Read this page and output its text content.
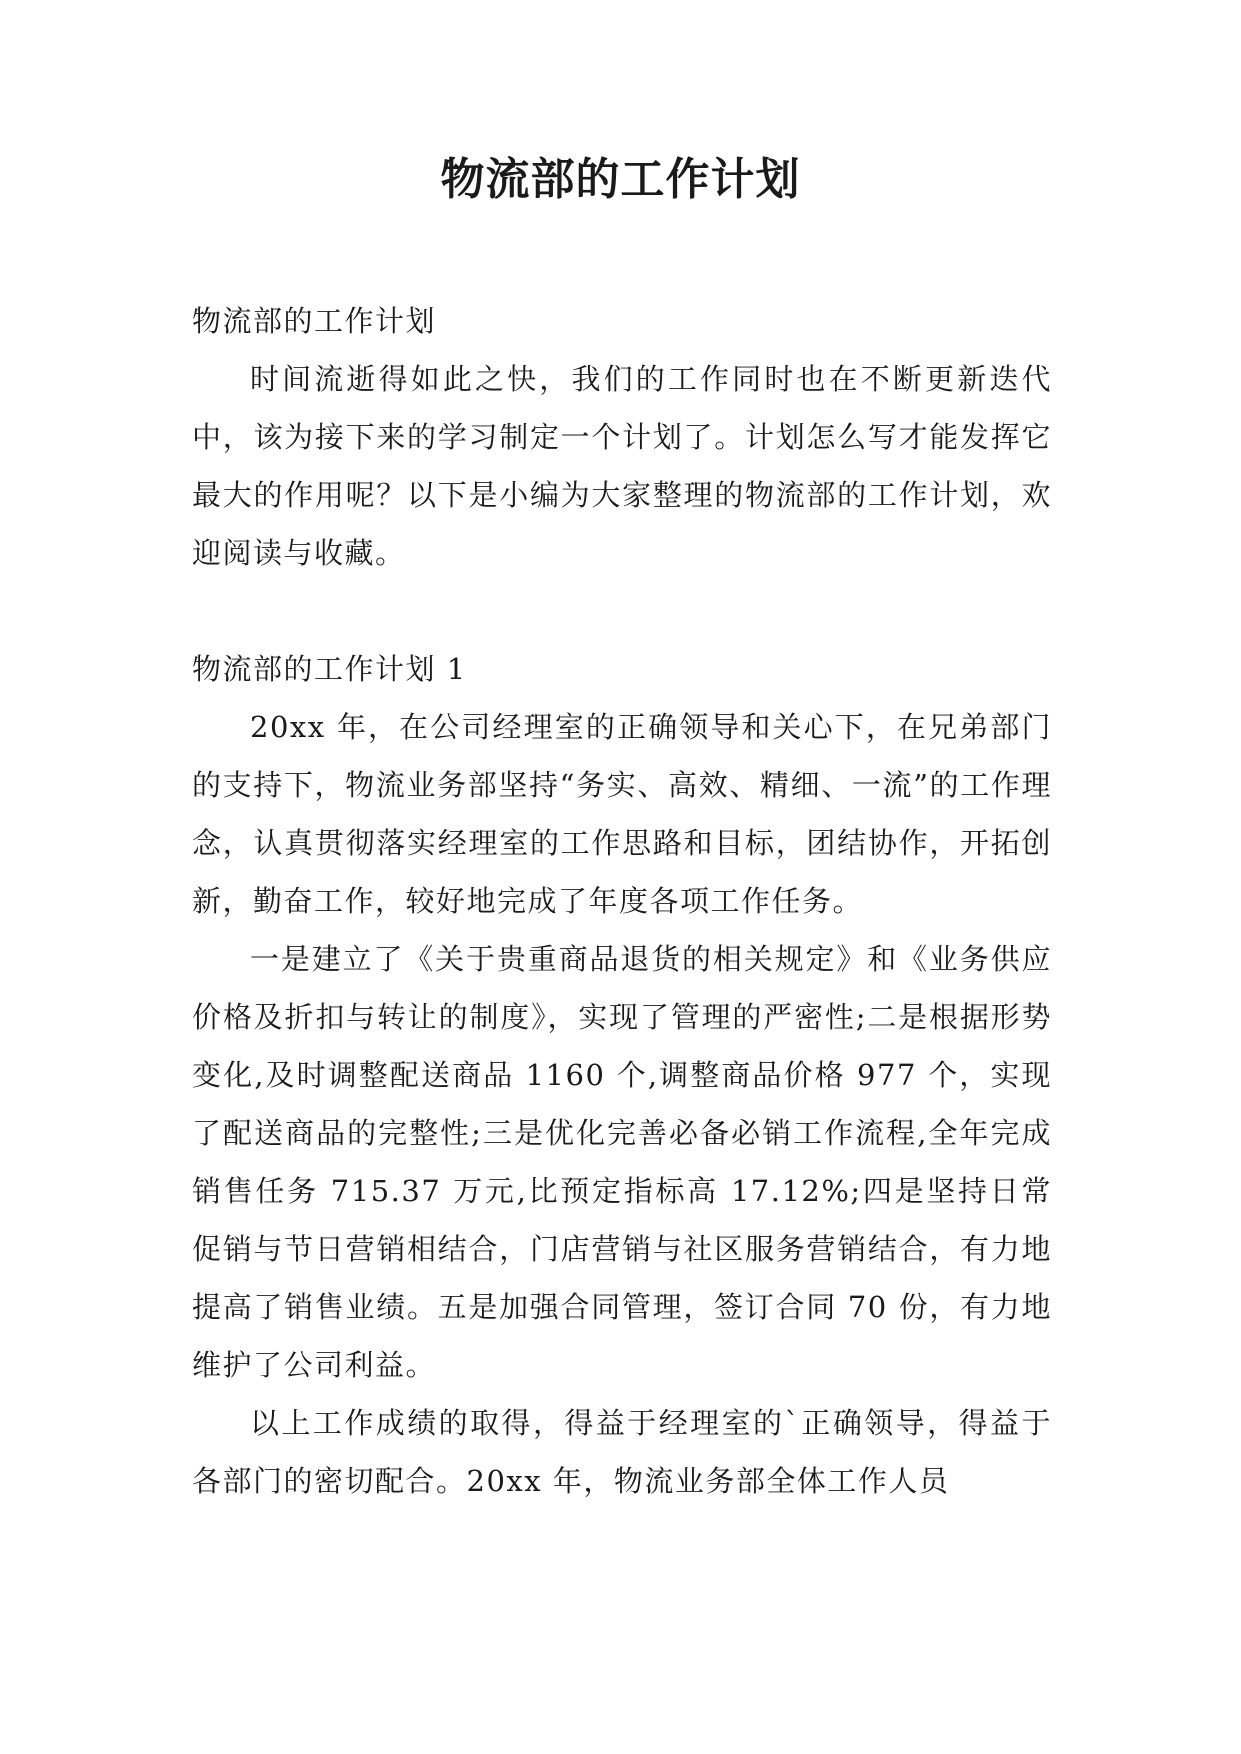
物流部的工作计划
物流部的工作计划

时间流逝得如此之快，我们的工作同时也在不断更新迭代中，该为接下来的学习制定一个计划了。计划怎么写才能发挥它最大的作用呢？以下是小编为大家整理的物流部的工作计划，欢迎阅读与收藏。

物流部的工作计划 1

20xx 年，在公司经理室的正确领导和关心下，在兄弟部门的支持下，物流业务部坚持“务实、高效、精细、一流”的工作理念，认真贯彻落实经理室的工作思路和目标，团结协作，开拓创新，勤奋工作，较好地完成了年度各项工作任务。

一是建立了《关于贵重商品退货的相关规定》和《业务供应价格及折扣与转让的制度》，实现了管理的严密性;二是根据形势变化,及时调整配送商品 1160 个,调整商品价格 977 个，实现了配送商品的完整性;三是优化完善必备必销工作流程,全年完成销售任务 715.37 万元,比预定指标高 17.12%;四是坚持日常促销与节日营销相结合，门店营销与社区服务营销结合，有力地提高了销售业绩。五是加强合同管理，签订合同 70 份，有力地维护了公司利益。

以上工作成绩的取得，得益于经理室的`正确领导，得益于各部门的密切配合。20xx 年，物流业务部全体工作人员
